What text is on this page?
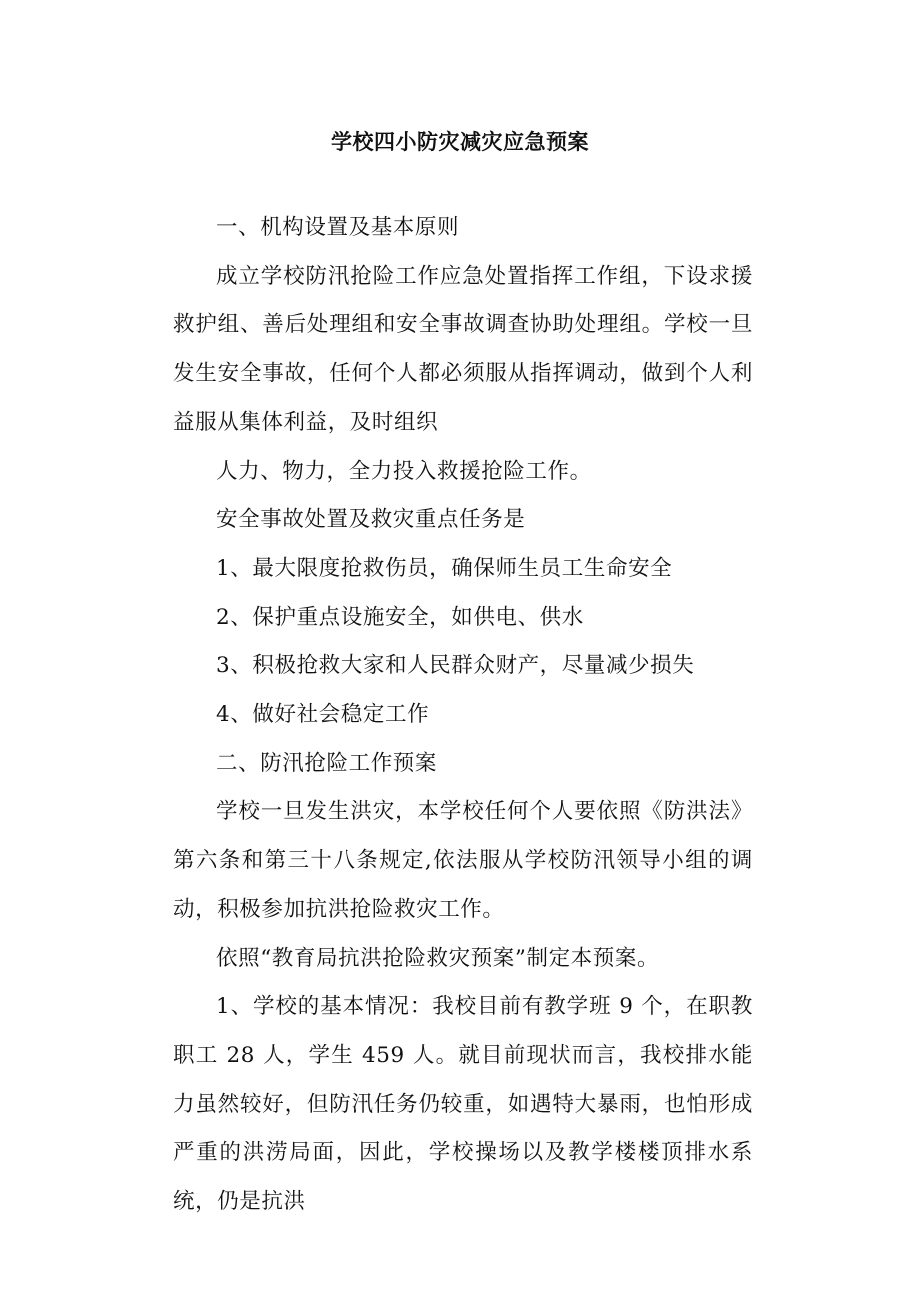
学校四小防灾减灾应急预案

一、机构设置及基本原则

成立学校防汛抢险工作应急处置指挥工作组，下设求援救护组、善后处理组和安全事故调查协助处理组。学校一旦发生安全事故，任何个人都必须服从指挥调动，做到个人利益服从集体利益，及时组织

人力、物力，全力投入救援抢险工作。

安全事故处置及救灾重点任务是

1、最大限度抢救伤员，确保师生员工生命安全

2、保护重点设施安全，如供电、供水

3、积极抢救大家和人民群众财产，尽量减少损失

4、做好社会稳定工作

二、防汛抢险工作预案

学校一旦发生洪灾，本学校任何个人要依照《防洪法》第六条和第三十八条规定,依法服从学校防汛领导小组的调动，积极参加抗洪抢险救灾工作。

依照“教育局抗洪抢险救灾预案”制定本预案。

1、学校的基本情况：我校目前有教学班 9 个，在职教职工 28 人，学生 459 人。就目前现状而言，我校排水能力虽然较好，但防汛任务仍较重，如遇特大暴雨，也怕形成严重的洪涝局面，因此，学校操场以及教学楼楼顶排水系统，仍是抗洪
